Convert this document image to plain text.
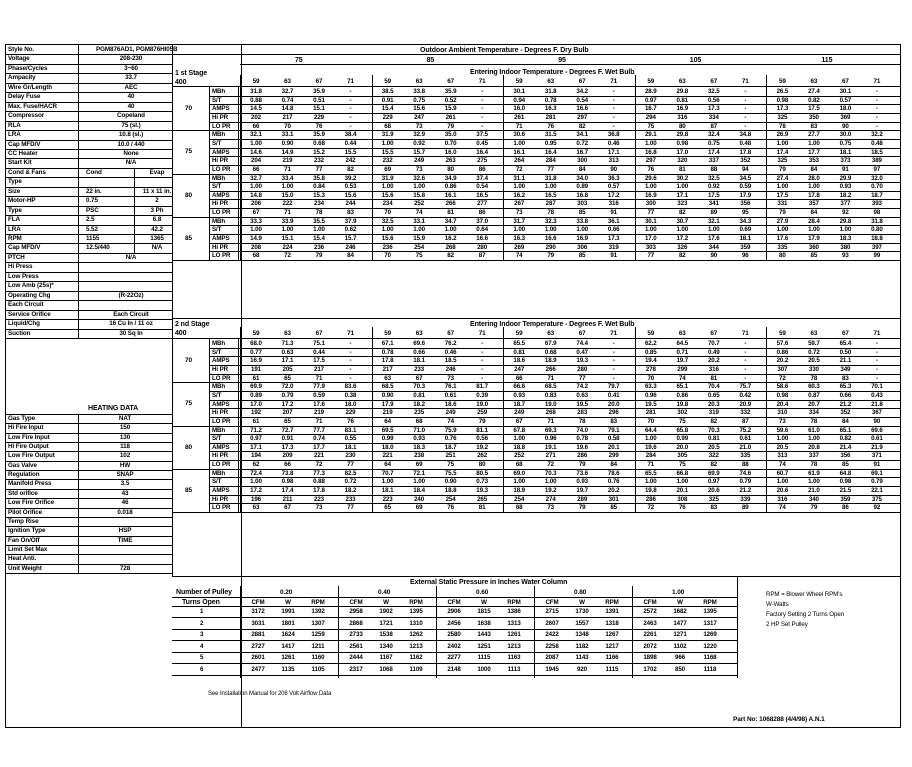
HEATING DATA
Outdoor Ambient Temperature - Degrees F. Dry Bulb
Entering Indoor Temperature - Degrees F. Wet Bulb
Entering Indoor Temperature - Degrees F. Wet Bulb
1 st Stage
400
2 nd Stage
400
External Static Pressure in Inches Water Column
Number of Pulley
Turns Open
See Installation Manual for 208 Volt Airflow Data
Part No: 1068288 (4/4/98) A.N.1
Style No.	PGM876AD1, PGM876HI05B
Voltage	208-230
Phase/Cycles	3~60
Ampacity	33.7
Wire Gr/Length	AEC
Delay Fuse	40
Max. Fuse/HACR	40
Compressor	Copeland
RLA	75 (sl.)
LRA	10.8 (sl.)
Cap MFD/V	10.0 / 440
CC Heater	None
Start Kit	N/A
Cond & Fans	Cond	Evap
Type
Size	22 in.	11 x 11 in.
Motor-HP	0.75	2
Type	PSC	3 Ph
FLA	2.5	6.8
LRA	5.52	42.2
RPM	1155	1365
Cap MFD/V	12.5/440	N/A
PTCH	N/A
Hi Press
Low Press
Low Amb (25s)*
Operating Chg	(R-22Oz)
Each Circuit
Service Orifice	Each Circuit
Liquid/Chg	16 Cu In / 11 oz
Suction	30 Sq In
Gas Type	NAT
Hi Fire Input	150
Low Fire Input	130
Hi Fire Output	118
Low Fire Output	102
Gas Valve	HW
Regulation	SNAP
Manifold Press	3.5
Std orifice	43
Low Fire Orifice	46
Pilot Orifice	0.018
Temp Rise
Ignition Type	HSP
Fan On/Off	TIME
Limit Set Max
Heat Anti.
Unit Weight	728
75
59	63	67	71
85
59	63	67	71
95
59	63	67	71
105
59	63	67	71
115
59	63	67	71
70
MBh	31.8	32.7	35.9	-	38.5	33.8	35.9	-	30.1	31.8	34.2	-	28.9	29.8	32.5	-	26.5	27.4	30.1	-
S/T	0.88	0.74	0.51	-	0.91	0.75	0.52	-	0.94	0.78	0.54	-	0.97	0.81	0.56	-	0.98	0.82	0.57	-
AMPS	14.5	14.8	15.1	-	15.4	15.6	15.9	-	16.0	16.3	16.6	-	16.7	16.9	17.3	-	17.3	17.5	18.0	-
Hi PR	202	217	229	-	229	247	261	-	261	281	297	-	294	316	334	-	325	350	369	-
LO PR	66	70	76	-	68	73	79	-	71	76	82	-	75	80	87	-	78	83	90	-
75
MBh	32.1	33.1	35.9	38.4	31.9	32.9	35.0	37.5	30.6	31.5	34.1	36.8	29.1	29.8	32.4	34.8	26.9	27.7	30.0	32.2
S/T	1.00	0.90	0.68	0.44	1.00	0.92	0.70	0.45	1.00	0.95	0.72	0.46	1.00	0.98	0.75	0.48	1.00	1.00	0.75	0.48
AMPS	14.6	14.9	15.2	15.5	15.5	15.7	16.0	16.4	16.1	16.4	16.7	17.1	16.8	17.0	17.4	17.8	17.4	17.7	18.1	18.5
Hi PR	204	219	232	242	232	249	263	275	264	284	300	313	297	320	337	352	325	353	373	389
LO PR	66	71	77	82	69	73	80	86	72	77	84	90	76	81	88	94	79	84	91	97
80
MBh	32.7	33.4	35.8	39.2	31.9	32.6	34.9	37.4	31.1	31.8	34.0	36.3	29.6	30.2	32.5	34.5	27.4	28.0	29.9	32.0
S/T	1.00	1.00	0.84	0.53	1.00	1.00	0.86	0.54	1.00	1.00	0.89	0.57	1.00	1.00	0.92	0.59	1.00	1.00	0.93	0.70
AMPS	14.8	15.0	15.3	15.6	15.6	15.8	16.1	16.5	16.2	16.5	16.8	17.2	16.9	17.1	17.5	17.9	17.5	17.8	18.2	18.7
Hi PR	206	222	234	244	234	252	266	277	267	287	303	316	300	323	341	356	331	357	377	393
LO PR	67	71	78	83	70	74	81	86	73	78	85	91	77	82	89	95	79	84	92	98
85
MBh	33.3	33.9	35.5	37.9	32.5	33.1	34.7	37.0	31.7	32.3	33.8	36.1	30.1	30.7	32.1	34.3	27.9	28.4	29.8	31.8
S/T	1.00	1.00	1.00	0.62	1.00	1.00	1.00	0.64	1.00	1.00	1.00	0.66	1.00	1.00	1.00	0.69	1.00	1.00	1.00	0.80
AMPS	14.9	15.1	15.4	15.7	15.6	15.9	16.2	16.6	16.3	16.6	16.9	17.3	17.0	17.2	17.6	18.1	17.6	17.9	18.3	18.8
Hi PR	208	224	236	246	236	254	268	280	269	290	306	319	303	326	344	359	335	360	380	397
LO PR	68	72	79	84	70	75	82	87	74	79	85	91	77	82	90	96	80	85	93	99
59	63	67	71	59	63	67	71	59	63	67	71	59	63	67	71	59	63	67	71
70
MBh	68.0	71.3	75.1	-	67.1	69.6	76.2	-	65.5	67.9	74.4	-	62.2	64.5	70.7	-	57.6	59.7	65.4	-
S/T	0.77	0.63	0.44	-	0.78	0.66	0.46	-	0.81	0.68	0.47	-	0.85	0.71	0.49	-	0.86	0.72	0.50	-
AMPS	16.9	17.1	17.5	-	17.8	18.1	18.5	-	18.6	18.9	19.3	-	19.4	19.7	20.2	-	20.2	20.5	21.1	-
Hi PR	191	205	217	-	217	233	246	-	247	266	280	-	278	299	316	-	307	330	349	-
LO PR	61	65	71	-	63	67	73	-	66	71	77	-	70	74	81	-	72	78	83	-
75
MBh	69.9	72.0	77.9	83.6	68.5	70.3	76.1	81.7	66.6	68.5	74.2	79.7	63.3	65.1	70.4	75.7	58.6	60.3	65.3	70.1
S/T	0.89	0.79	0.59	0.38	0.90	0.81	0.61	0.39	0.93	0.83	0.63	0.41	0.96	0.86	0.65	0.42	0.98	0.87	0.66	0.43
AMPS	17.0	17.2	17.6	18.0	17.9	18.2	18.6	19.0	18.7	19.0	19.5	20.0	19.5	19.8	20.3	20.9	20.4	20.7	21.2	21.8
Hi PR	192	207	219	229	219	235	249	259	249	268	283	296	281	302	319	332	310	334	352	367
LO PR	61	65	71	76	64	68	74	79	67	71	78	83	70	75	82	87	73	78	84	90
80
MBh	71.2	72.7	77.7	83.1	69.5	71.0	75.9	81.1	67.8	69.3	74.0	79.1	64.4	65.8	70.3	75.2	59.6	61.0	65.1	69.6
S/T	0.97	0.91	0.74	0.55	0.99	0.93	0.76	0.56	1.00	0.96	0.78	0.58	1.00	0.99	0.81	0.61	1.00	1.00	0.82	0.61
AMPS	17.1	17.3	17.7	18.1	18.0	18.3	18.7	19.2	18.8	19.1	19.6	20.1	19.6	20.0	20.5	21.0	20.5	20.8	21.4	21.9
Hi PR	194	209	221	230	221	238	251	262	252	271	286	299	284	305	322	335	313	337	356	371
LO PR	62	66	72	77	64	69	75	80	68	72	79	84	71	75	82	88	74	78	85	91
85
MBh	72.4	73.8	77.3	82.5	70.7	72.1	75.5	80.5	69.0	70.3	73.6	78.6	65.5	66.8	69.9	74.6	60.7	61.9	64.8	69.1
S/T	1.00	0.98	0.88	0.72	1.00	1.00	0.90	0.73	1.00	1.00	0.93	0.76	1.00	1.00	0.97	0.79	1.00	1.00	0.98	0.79
AMPS	17.2	17.4	17.8	18.2	18.1	18.4	18.8	19.3	18.9	19.2	19.7	20.2	19.8	20.1	20.6	21.2	20.6	21.0	21.5	22.1
Hi PR	196	211	223	233	223	240	254	265	254	274	289	301	286	308	325	339	316	340	359	375
LO PR	63	67	73	77	65	69	76	81	68	73	79	85	72	76	83	89	74	79	86	92
0.20
CFM	W	RPM
0.40
CFM	W	RPM
0.60
CFM	W	RPM
0.80
CFM	W	RPM
1.00
CFM	W	RPM
1	3172	1991	1392	2958	1902	1395	2906	1815	1386	2715	1730	1391	2572	1682	1395
2	3031	1801	1307	2868	1721	1310	2456	1638	1313	2607	1557	1318	2463	1477	1317
3	2881	1624	1259	2733	1538	1262	2580	1443	1261	2422	1348	1267	2261	1271	1269
4	2727	1417	1211	2561	1340	1213	2402	1251	1213	2258	1182	1217	2072	1102	1220
5	2601	1261	1160	2444	1167	1162	2277	1115	1163	2087	1143	1166	1898	966	1168
6	2477	1135	1105	2317	1068	1109	2148	1000	1113	1945	920	1115	1702	850	1118
RPM = Blower Wheel RPM's
W-Watts
Factory Setting 2 Turns Open
2 HP Set Pulley
